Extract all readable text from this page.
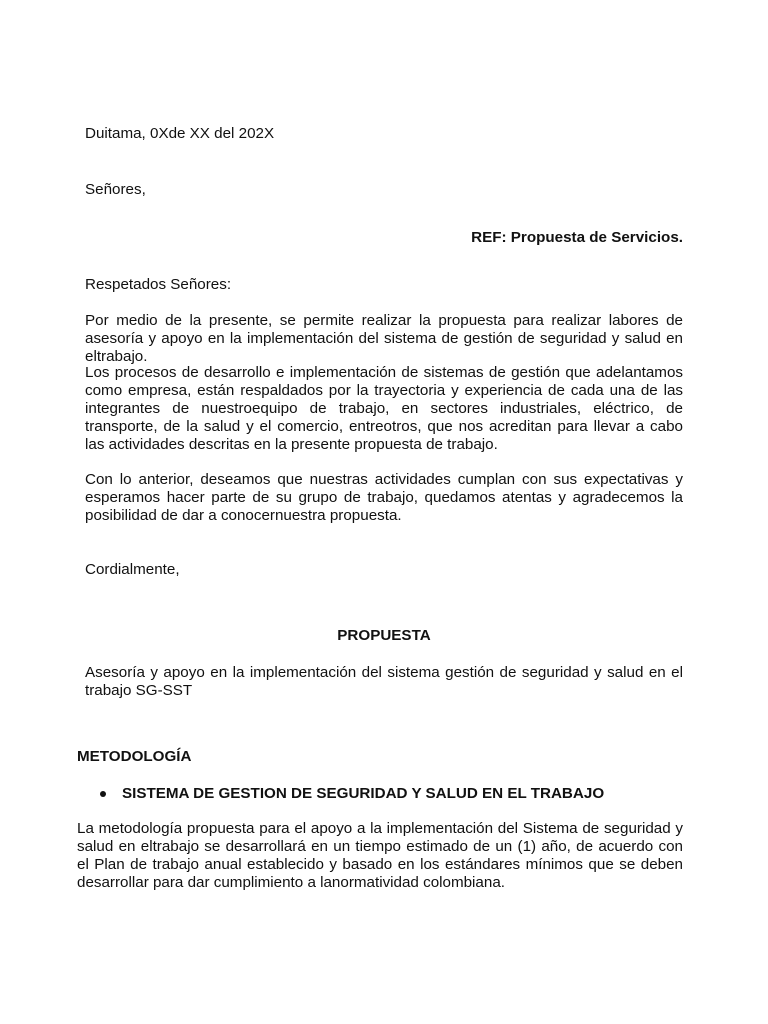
Duitama, 0Xde XX del 202X
Señores,
REF: Propuesta de Servicios.
Respetados Señores:
Por medio de la presente, se permite realizar la propuesta para realizar labores de asesoría y apoyo en la implementación del sistema de gestión de seguridad y salud en eltrabajo.
Los procesos de desarrollo e implementación de sistemas de gestión que adelantamos como empresa, están respaldados por la trayectoria y experiencia de cada una de las integrantes de nuestroequipo de trabajo, en sectores industriales, eléctrico, de transporte, de la salud y el comercio, entreotros, que nos acreditan para llevar a cabo las actividades descritas en la presente propuesta de trabajo.
Con lo anterior, deseamos que nuestras actividades cumplan con sus expectativas y esperamos hacer parte de su grupo de trabajo, quedamos atentas y agradecemos la posibilidad de dar a conocernuestra propuesta.
Cordialmente,
PROPUESTA
Asesoría y apoyo en la implementación del sistema gestión de seguridad y salud en el trabajo SG-SST
METODOLOGÍA
SISTEMA DE GESTION DE SEGURIDAD Y SALUD EN EL TRABAJO
La metodología propuesta para el apoyo a la implementación del Sistema de seguridad y salud en eltrabajo se desarrollará en un tiempo estimado de un (1) año, de acuerdo con el Plan de trabajo anual establecido y basado en los estándares mínimos que se deben desarrollar para dar cumplimiento a lanormatividad colombiana.
